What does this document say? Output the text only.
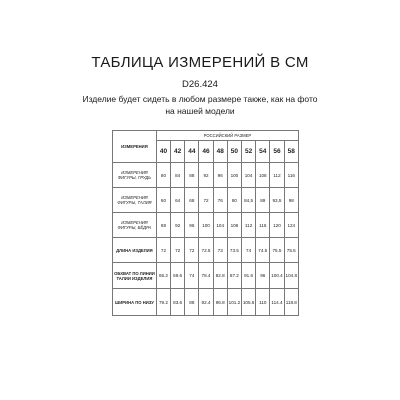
ТАБЛИЦА ИЗМЕРЕНИЙ В СМ
D26.424
Изделие будет сидеть в любом размере также, как на фото на нашей модели
ИЗМЕРЕНИЯ	РОССИЙСКИЙ РАЗМЕР									
	40	42	44	46	48	50	52	54	56	58
ИЗМЕРЕНИЯ ФИГУРЫ, ГРУДЬ	80	84	88	92	96	100	104	108	112	116
ИЗМЕРЕНИЯ ФИГУРЫ, ТАЛИЯ	60	64	68	72	76	80	84,5	89	93,5	98
ИЗМЕРЕНИЯ ФИГУРЫ, БЁДРА	88	92	96	100	104	108	112	116	120	124
ДЛИНА ИЗДЕЛИЯ	72	72	72	72.5	73	73.5	74	74.5	75.5	75.5
ОБХВАТ ПО ЛИНИИ ТАЛИИ ИЗДЕЛИЯ	65.2	69.6	74	78.4	82.8	87.2	91.6	96	100.4	104.8
ШИРИНА ПО НИЗУ	79.2	83.6	88	92.4	96.8	101.2	105.6	110	114.4	118.8
